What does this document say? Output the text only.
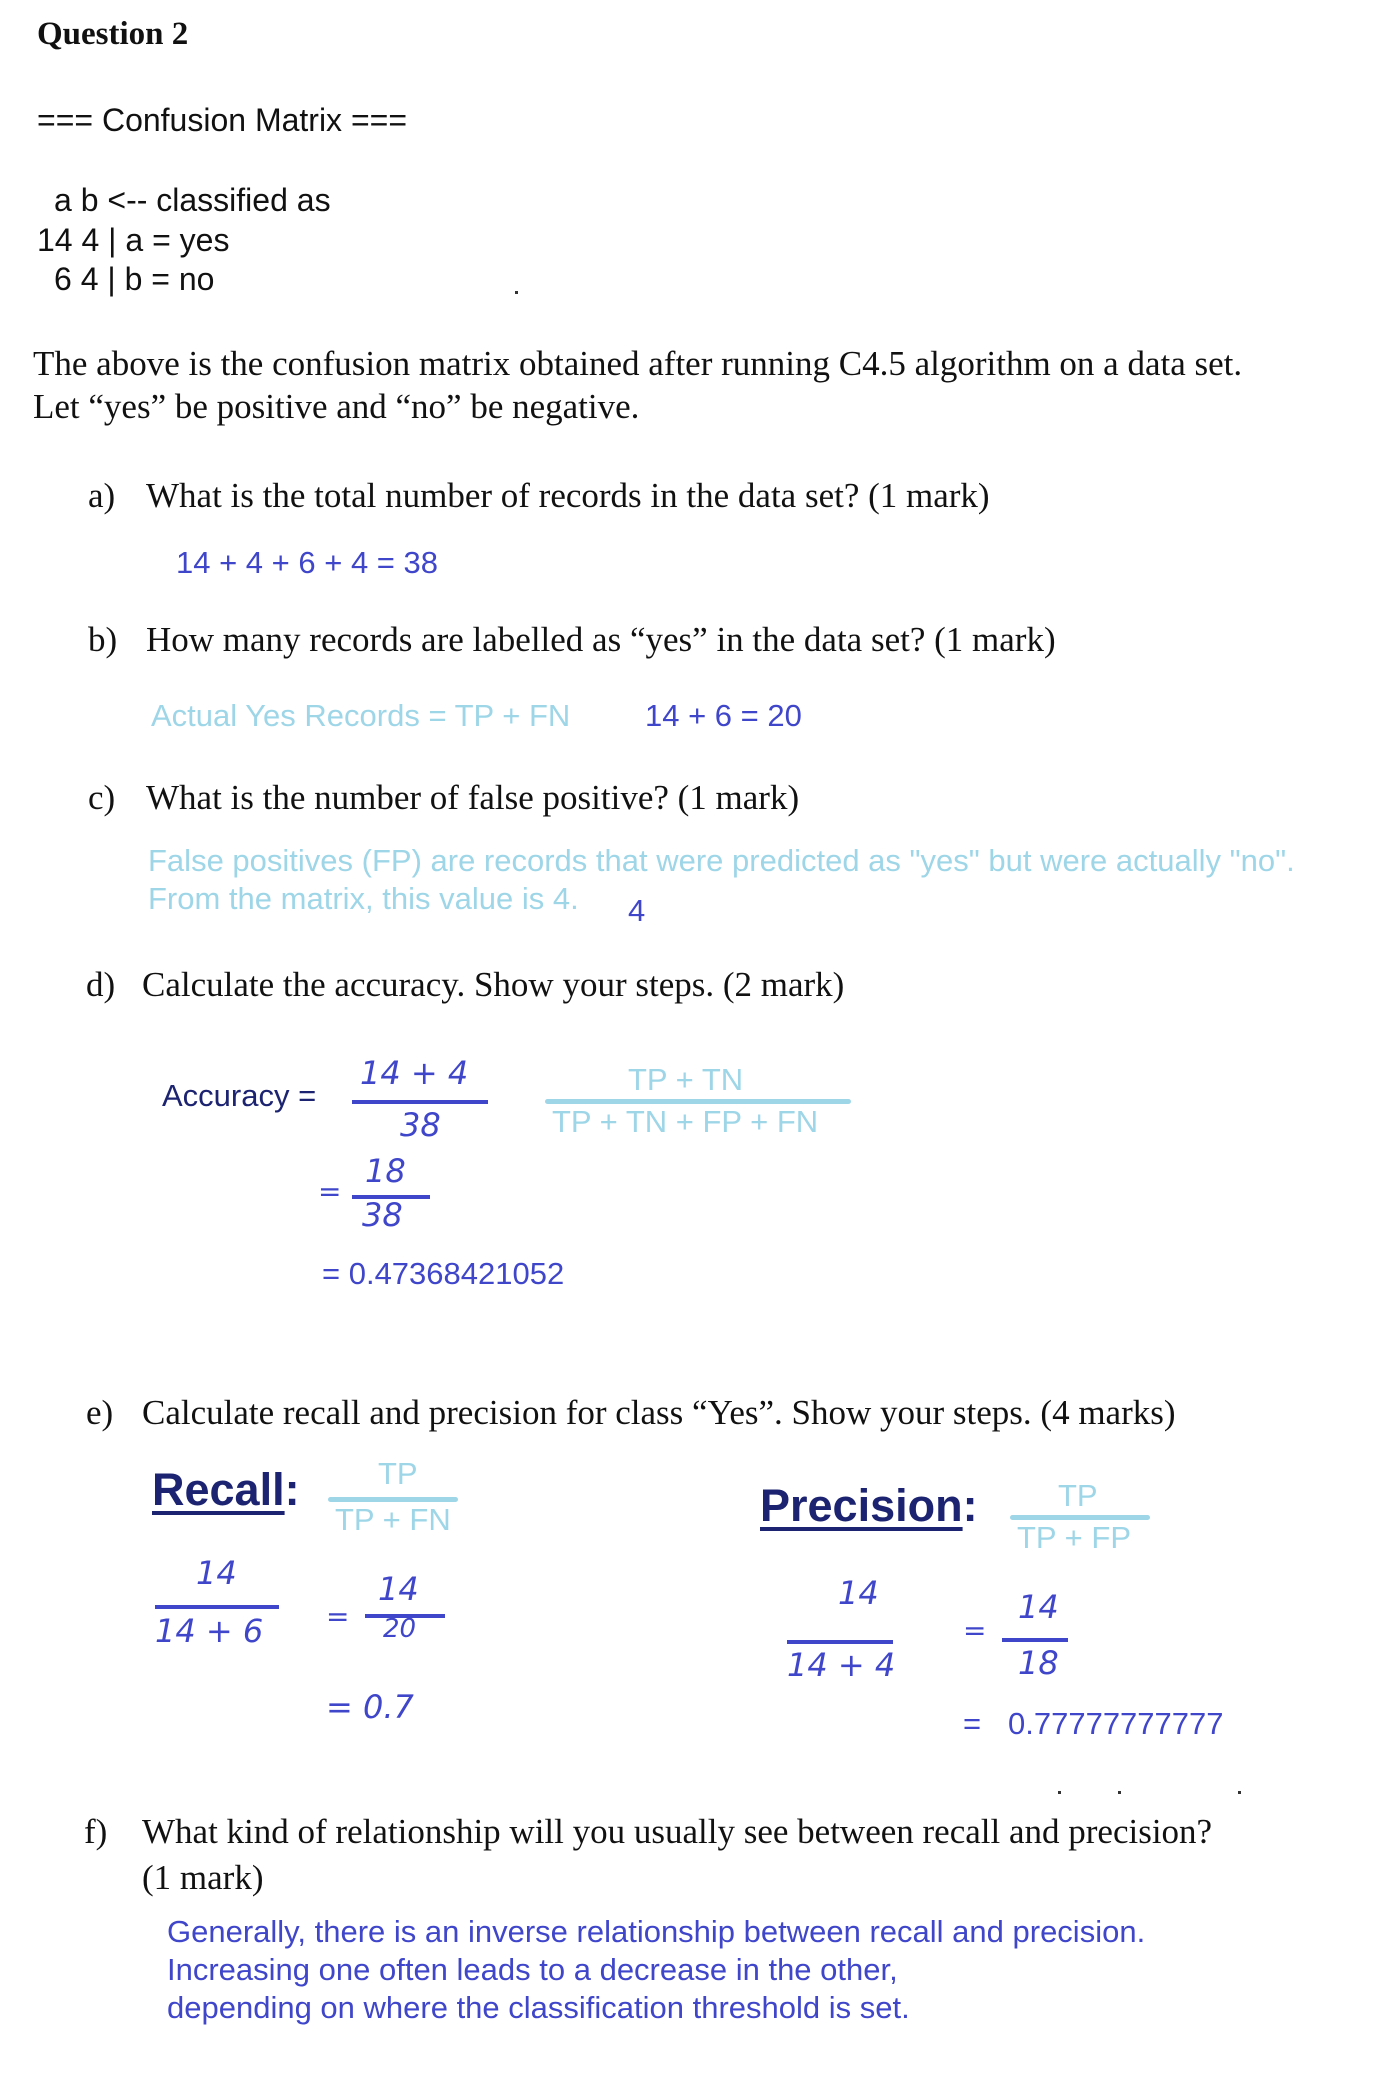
Question 2
=== Confusion Matrix ===
a b <-- classified as
14 4 | a = yes
6 4 | b = no
The above is the confusion matrix obtained after running C4.5 algorithm on a data set.
Let “yes” be positive and “no” be negative.
a) What is the total number of records in the data set? (1 mark)
14 + 4 + 6 + 4 = 38
b) How many records are labelled as “yes” in the data set? (1 mark)
Actual Yes Records = TP + FN 14 + 6 = 20
c) What is the number of false positive? (1 mark)
False positives (FP) are records that were predicted as "yes" but were actually "no".
From the matrix, this value is 4. 4
d) Calculate the accuracy. Show your steps. (2 mark)
Accuracy =
14 + 4
38
TP + TN
TP + TN + FP + FN
=
18
38
= 0.47368421052
e) Calculate recall and precision for class “Yes”. Show your steps. (4 marks)
Recall:	TP
TP + FN
14
14 + 6 =
14
20
= 0.7
Precision:	TP
TP + FP
14
14 + 4
=
14
18
= 0.77777777777
f) What kind of relationship will you usually see between recall and precision?
(1 mark)
Generally, there is an inverse relationship between recall and precision.
Increasing one often leads to a decrease in the other,
depending on where the classification threshold is set.
